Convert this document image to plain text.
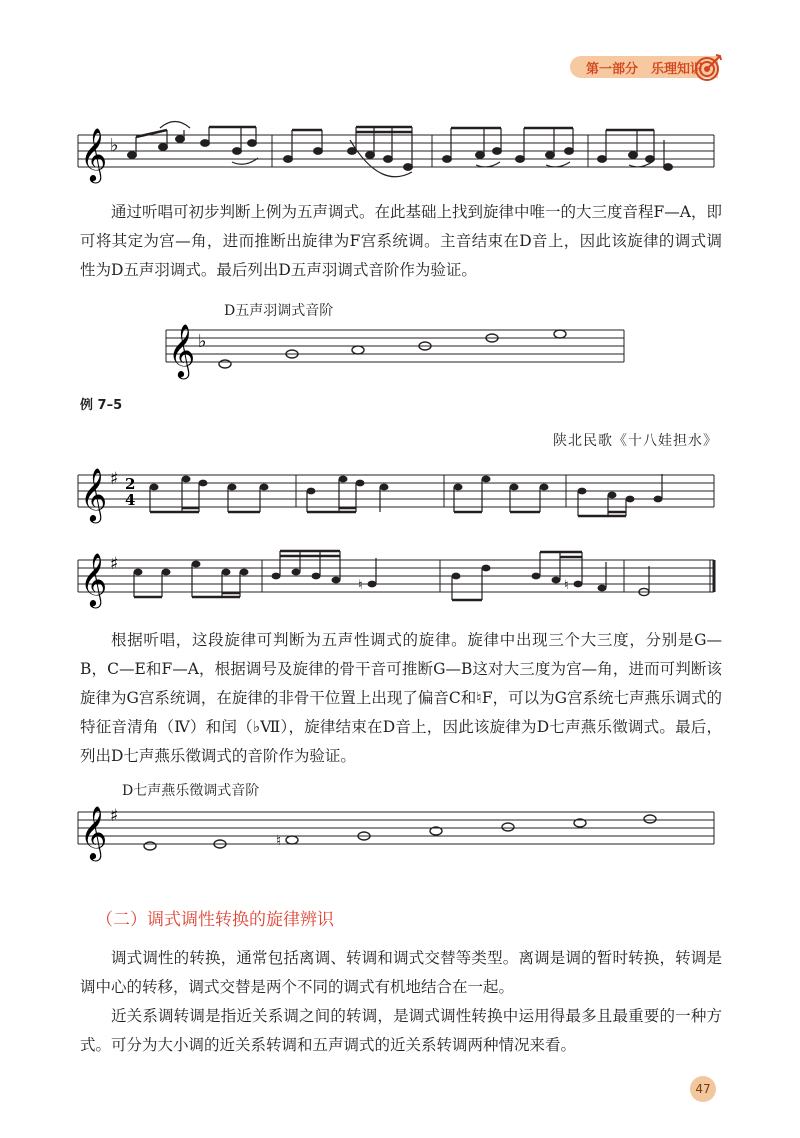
第一部分　乐理知识
𝄞 ♭

通过听唱可初步判断上例为五声调式。在此基础上找到旋律中唯一的大三度音程F—A，即可将其定为宫—角，进而推断出旋律为F宫系统调。主音结束在D音上，因此该旋律的调式调性为D五声羽调式。最后列出D五声羽调式音阶作为验证。

D五声羽调式音阶
𝄞 ♭
例 7–5
陕北民歌《十八娃担水》
𝄞 ♯ 2
4
𝄞 ♯
♮	♮

根据听唱，这段旋律可判断为五声性调式的旋律。旋律中出现三个大三度，分别是G—B，C—E和F—A，根据调号及旋律的骨干音可推断G—B这对大三度为宫—角，进而可判断该旋律为G宫系统调，在旋律的非骨干位置上出现了偏音C和♮F，可以为G宫系统七声燕乐调式的特征音清角（Ⅳ）和闰（♭Ⅶ），旋律结束在D音上，因此该旋律为D七声燕乐徵调式。最后，列出D七声燕乐徵调式的音阶作为验证。

D七声燕乐徵调式音阶
𝄞 ♯
♮
（二）调式调性转换的旋律辨识

调式调性的转换，通常包括离调、转调和调式交替等类型。离调是调的暂时转换，转调是调中心的转移，调式交替是两个不同的调式有机地结合在一起。

近关系调转调是指近关系调之间的转调，是调式调性转换中运用得最多且最重要的一种方式。可分为大小调的近关系转调和五声调式的近关系转调两种情况来看。

47
